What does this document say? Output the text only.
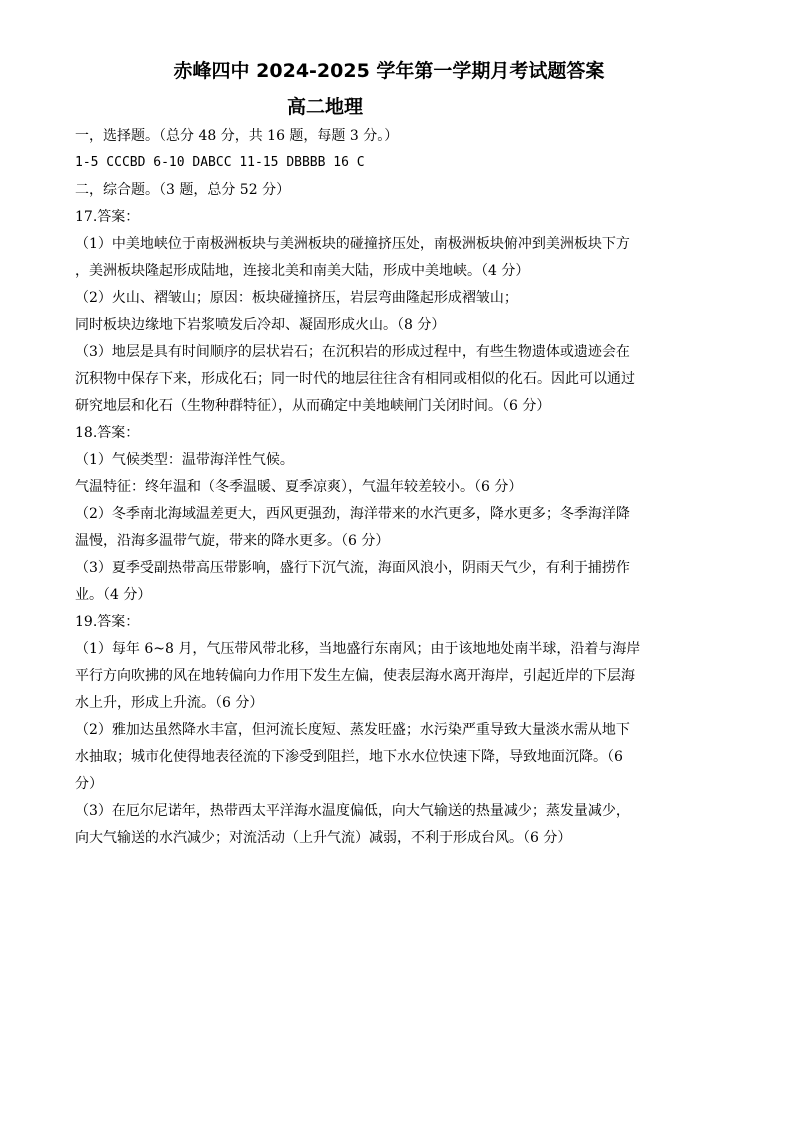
赤峰四中 2024-2025 学年第一学期月考试题答案
高二地理
一，选择题。（总分 48 分，共 16 题，每题 3 分。）
1-5 CCCBD 6-10 DABCC 11-15 DBBBB 16 C
二，综合题。（3 题，总分 52 分）
17.答案：
（1）中美地峡位于南极洲板块与美洲板块的碰撞挤压处，南极洲板块俯冲到美洲板块下方
，美洲板块隆起形成陆地，连接北美和南美大陆，形成中美地峡。（4 分）
（2）火山、褶皱山；原因：板块碰撞挤压，岩层弯曲隆起形成褶皱山；
同时板块边缘地下岩浆喷发后冷却、凝固形成火山。（8 分）
（3）地层是具有时间顺序的层状岩石；在沉积岩的形成过程中，有些生物遗体或遗迹会在
沉积物中保存下来，形成化石；同一时代的地层往往含有相同或相似的化石。因此可以通过
研究地层和化石（生物种群特征），从而确定中美地峡闸门关闭时间。（6 分）
18.答案：
（1）气候类型：温带海洋性气候。
气温特征：终年温和（冬季温暖、夏季凉爽），气温年较差较小。（6 分）
（2）冬季南北海域温差更大，西风更强劲，海洋带来的水汽更多，降水更多；冬季海洋降
温慢，沿海多温带气旋，带来的降水更多。（6 分）
（3）夏季受副热带高压带影响，盛行下沉气流，海面风浪小，阴雨天气少，有利于捕捞作
业。（4 分）
19.答案：
（1）每年 6~8 月，气压带风带北移，当地盛行东南风；由于该地地处南半球，沿着与海岸
平行方向吹拂的风在地转偏向力作用下发生左偏，使表层海水离开海岸，引起近岸的下层海
水上升，形成上升流。（6 分）
（2）雅加达虽然降水丰富，但河流长度短、蒸发旺盛；水污染严重导致大量淡水需从地下
水抽取；城市化使得地表径流的下渗受到阻拦，地下水水位快速下降，导致地面沉降。（6
分）
（3）在厄尔尼诺年，热带西太平洋海水温度偏低，向大气输送的热量减少；蒸发量减少，
向大气输送的水汽减少；对流活动（上升气流）减弱，不利于形成台风。（6 分）
